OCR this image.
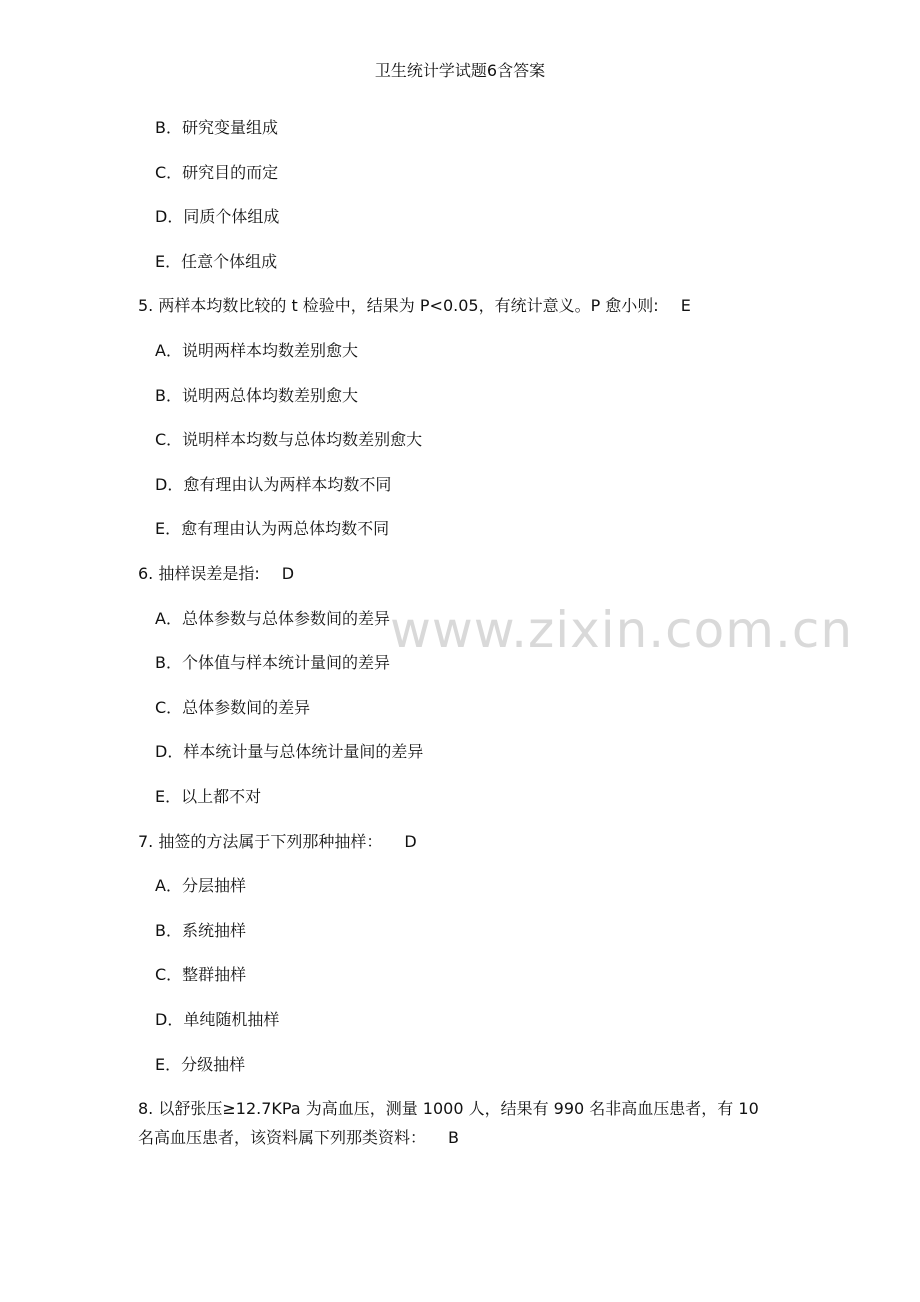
卫生统计学试题6含答案
www.zixin.com.cn
B．研究变量组成
C．研究目的而定
D．同质个体组成
E．任意个体组成
5. 两样本均数比较的 t 检验中，结果为 P<0.05，有统计意义。P 愈小则: E
A．说明两样本均数差别愈大
B．说明两总体均数差别愈大
C．说明样本均数与总体均数差别愈大
D．愈有理由认为两样本均数不同
E．愈有理由认为两总体均数不同
6. 抽样误差是指: D
A．总体参数与总体参数间的差异
B．个体值与样本统计量间的差异
C．总体参数间的差异
D．样本统计量与总体统计量间的差异
E．以上都不对
7. 抽签的方法属于下列那种抽样： D
A．分层抽样
B．系统抽样
C．整群抽样
D．单纯随机抽样
E．分级抽样
8. 以舒张压≥12.7KPa 为高血压，测量 1000 人，结果有 990 名非高血压患者，有 10
名高血压患者，该资料属下列那类资料： B
